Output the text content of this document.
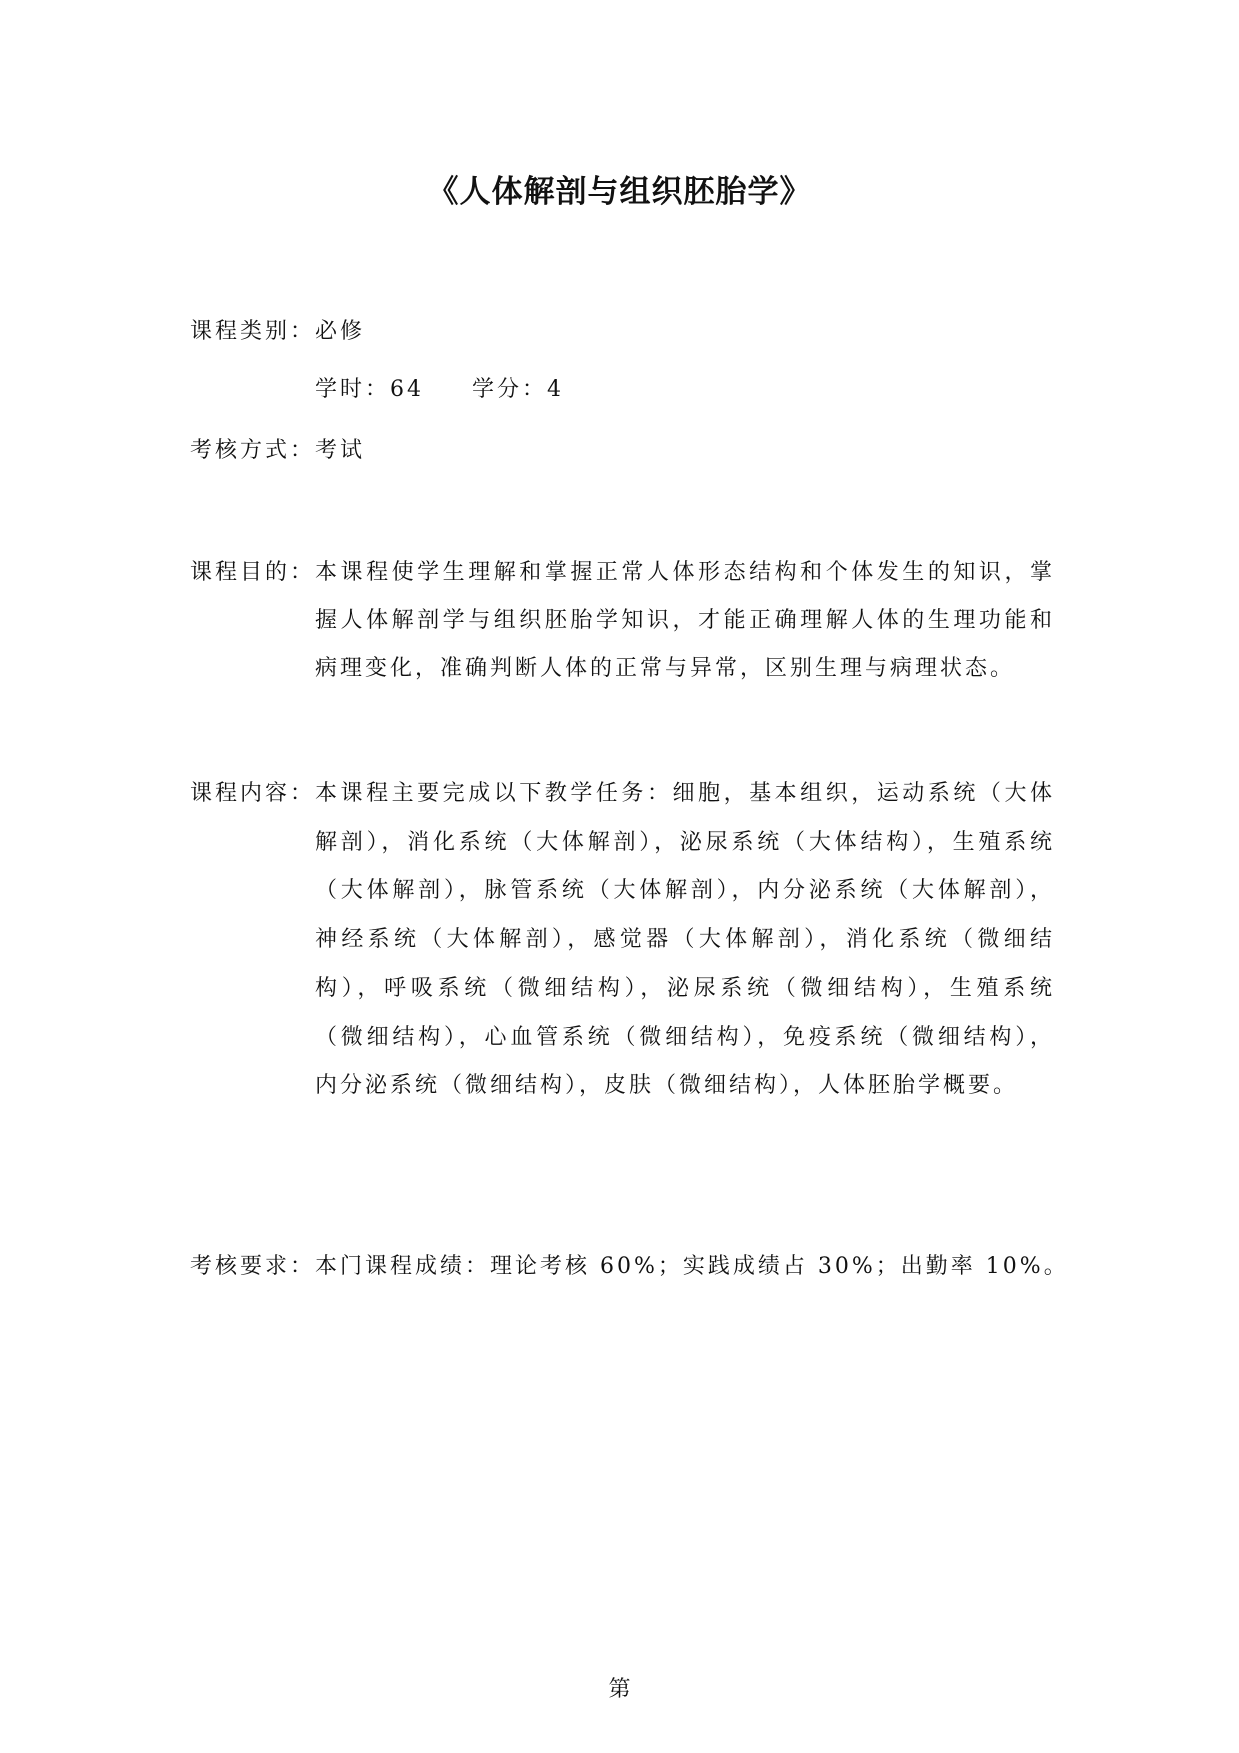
《人体解剖与组织胚胎学》
课程类别：必修
学时：64 学分：4
考核方式：考试
课程目的： 本课程使学生理解和掌握正常人体形态结构和个体发生的知识，掌握人体解剖学与组织胚胎学知识，才能正确理解人体的生理功能和病理变化，准确判断人体的正常与异常，区别生理与病理状态。
课程内容： 本课程主要完成以下教学任务：细胞，基本组织，运动系统（大体解剖），消化系统（大体解剖），泌尿系统（大体结构），生殖系统（大体解剖），脉管系统（大体解剖），内分泌系统（大体解剖），神经系统（大体解剖），感觉器（大体解剖），消化系统（微细结构），呼吸系统（微细结构），泌尿系统（微细结构），生殖系统（微细结构），心血管系统（微细结构），免疫系统（微细结构），内分泌系统（微细结构），皮肤（微细结构），人体胚胎学概要。
考核要求：本门课程成绩：理论考核 60%；实践成绩占 30%；出勤率 10%。
第
